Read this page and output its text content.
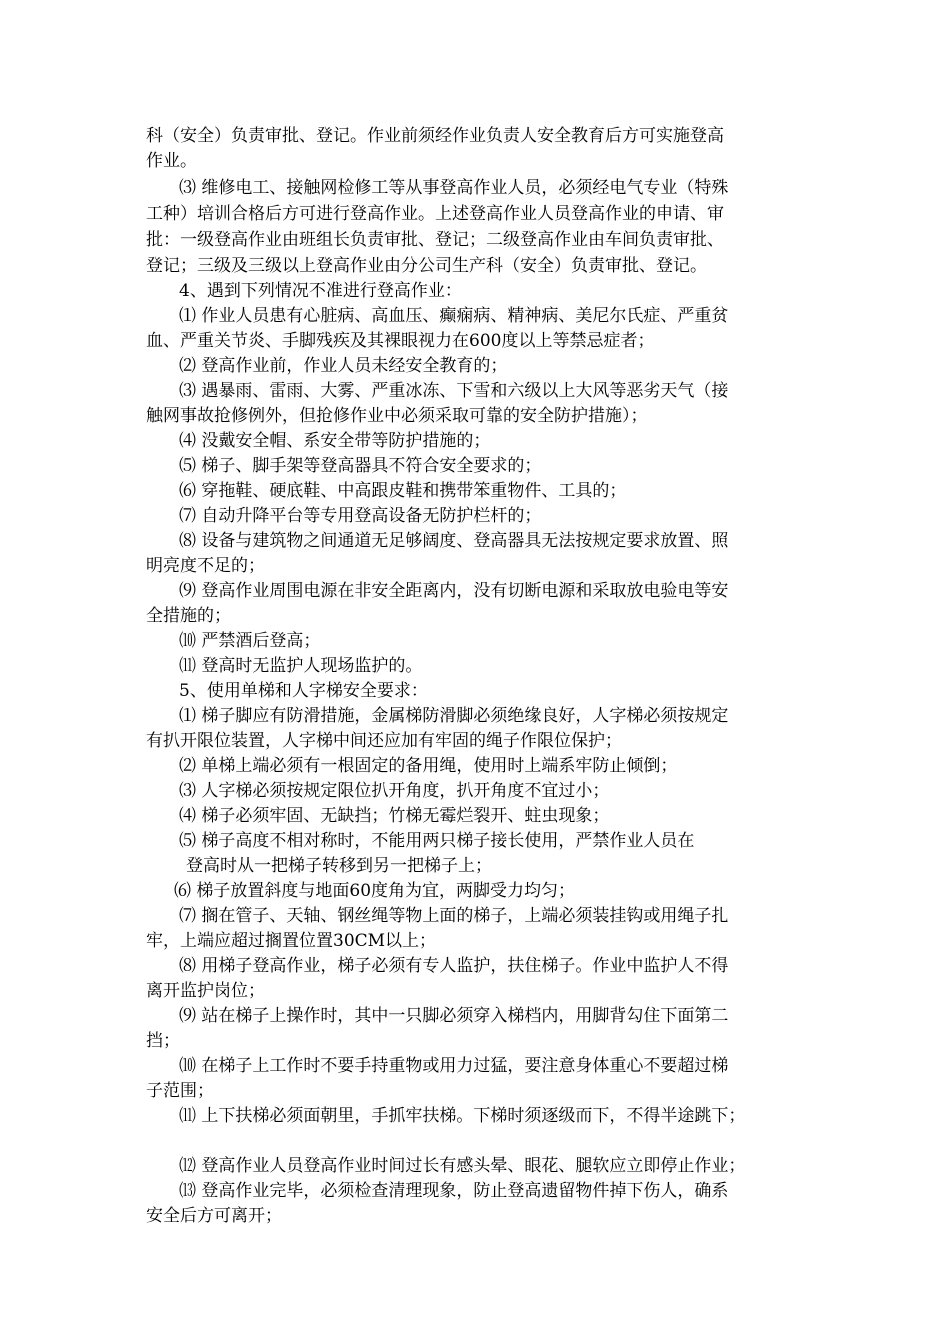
科（安全）负责审批、登记。作业前须经作业负责人安全教育后方可实施登高
作业。
⑶ 维修电工、接触网检修工等从事登高作业人员，必须经电气专业（特殊
工种）培训合格后方可进行登高作业。上述登高作业人员登高作业的申请、审
批：一级登高作业由班组长负责审批、登记；二级登高作业由车间负责审批、
登记；三级及三级以上登高作业由分公司生产科（安全）负责审批、登记。
4、遇到下列情况不准进行登高作业：
⑴ 作业人员患有心脏病、高血压、癫痫病、精神病、美尼尔氏症、严重贫
血、严重关节炎、手脚残疾及其裸眼视力在600度以上等禁忌症者；
⑵ 登高作业前，作业人员未经安全教育的；
⑶ 遇暴雨、雷雨、大雾、严重冰冻、下雪和六级以上大风等恶劣天气（接
触网事故抢修例外，但抢修作业中必须采取可靠的安全防护措施）；
⑷ 没戴安全帽、系安全带等防护措施的；
⑸ 梯子、脚手架等登高器具不符合安全要求的；
⑹ 穿拖鞋、硬底鞋、中高跟皮鞋和携带笨重物件、工具的；
⑺ 自动升降平台等专用登高设备无防护栏杆的；
⑻ 设备与建筑物之间通道无足够阔度、登高器具无法按规定要求放置、照
明亮度不足的；
⑼ 登高作业周围电源在非安全距离内，没有切断电源和采取放电验电等安
全措施的；
⑽ 严禁酒后登高；
⑾ 登高时无监护人现场监护的。
5、使用单梯和人字梯安全要求：
⑴ 梯子脚应有防滑措施，金属梯防滑脚必须绝缘良好，人字梯必须按规定
有扒开限位装置，人字梯中间还应加有牢固的绳子作限位保护；
⑵ 单梯上端必须有一根固定的备用绳，使用时上端系牢防止倾倒；
⑶ 人字梯必须按规定限位扒开角度，扒开角度不宜过小；
⑷ 梯子必须牢固、无缺挡；竹梯无霉烂裂开、蛀虫现象；
⑸ 梯子高度不相对称时，不能用两只梯子接长使用，严禁作业人员在
登高时从一把梯子转移到另一把梯子上；
⑹ 梯子放置斜度与地面60度角为宜，两脚受力均匀；
⑺ 搁在管子、天轴、钢丝绳等物上面的梯子，上端必须装挂钩或用绳子扎
牢，上端应超过搁置位置30CM以上；
⑻ 用梯子登高作业，梯子必须有专人监护，扶住梯子。作业中监护人不得
离开监护岗位；
⑼ 站在梯子上操作时，其中一只脚必须穿入梯档内，用脚背勾住下面第二
挡；
⑽ 在梯子上工作时不要手持重物或用力过猛，要注意身体重心不要超过梯
子范围；
⑾ 上下扶梯必须面朝里，手抓牢扶梯。下梯时须逐级而下，不得半途跳下；
⑿ 登高作业人员登高作业时间过长有感头晕、眼花、腿软应立即停止作业；
⒀ 登高作业完毕，必须检查清理现象，防止登高遗留物件掉下伤人，确系
安全后方可离开；
